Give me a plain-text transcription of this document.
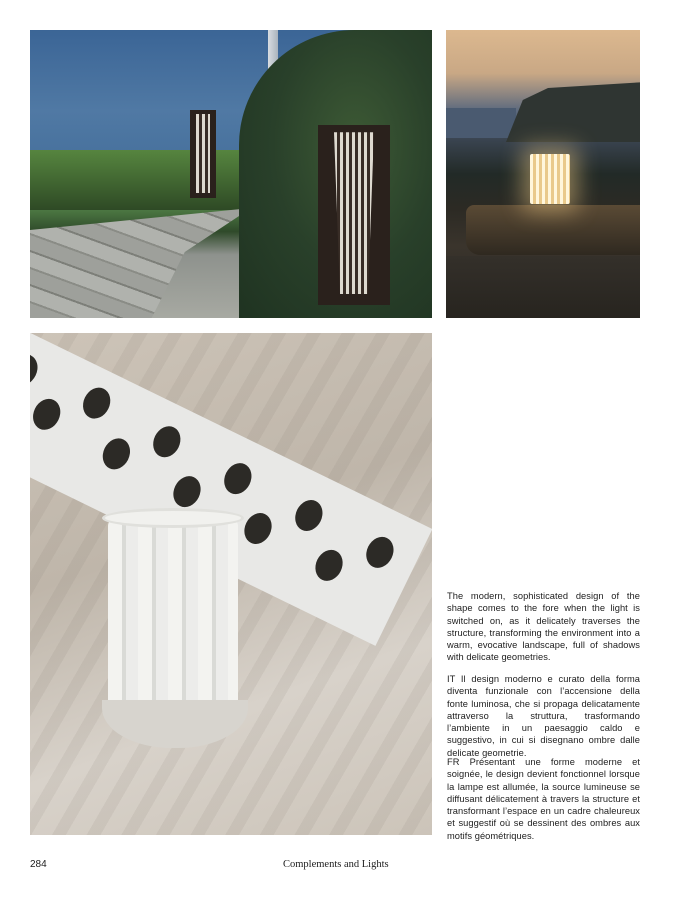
The modern, sophisticated design of the shape comes to the fore when the light is switched on, as it delicately traverses the structure, transforming the environment into a warm, evocative landscape, full of shadows with delicate geometries.

IT Il design moderno e curato della forma diventa funzionale con l’accensione della fonte luminosa, che si propaga delicatamente attraverso la struttura, trasformando l’ambiente in un paesaggio caldo e suggestivo, in cui si disegnano ombre dalle delicate geometrie.

FR Présentant une forme moderne et soignée, le design devient fonctionnel lorsque la lampe est allumée, la source lumineuse se diffusant délicatement à travers la structure et transformant l’espace en un cadre chaleureux et suggestif où se dessinent des ombres aux motifs géométriques.

284	Complements and Lights
